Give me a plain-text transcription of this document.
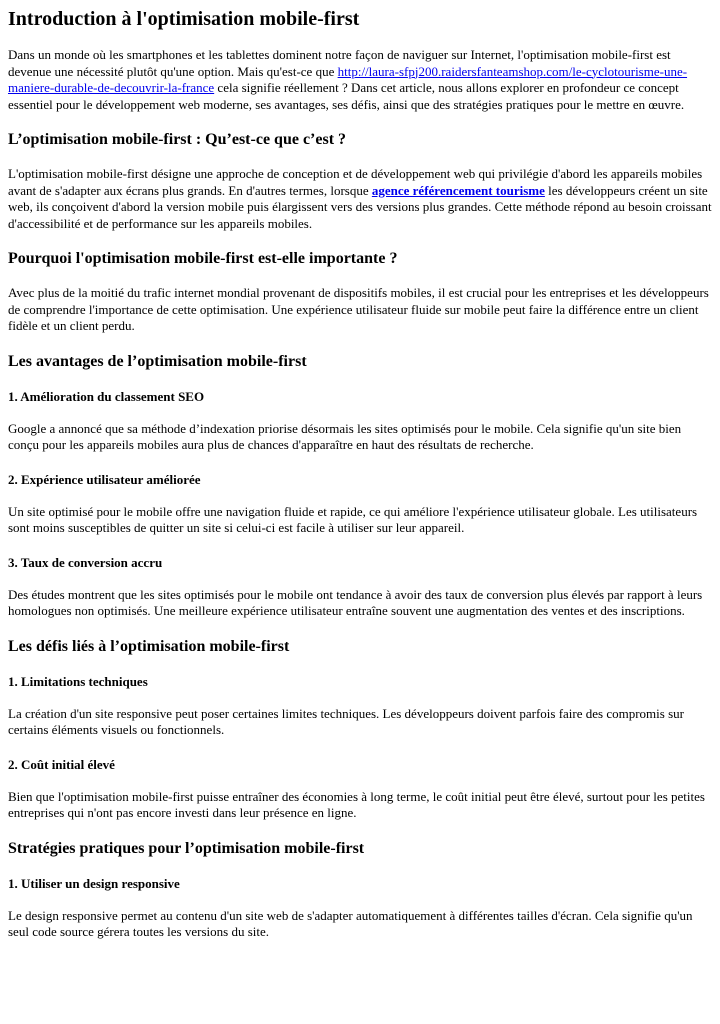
Introduction à l'optimisation mobile-first

Dans un monde où les smartphones et les tablettes dominent notre façon de naviguer sur Internet, l'optimisation mobile-first est devenue une nécessité plutôt qu'une option. Mais qu'est-ce que http://laura-sfpj200.raidersfanteamshop.com/le-cyclotourisme-une-maniere-durable-de-decouvrir-la-france cela signifie réellement ? Dans cet article, nous allons explorer en profondeur ce concept essentiel pour le développement web moderne, ses avantages, ses défis, ainsi que des stratégies pratiques pour le mettre en œuvre.

L’optimisation mobile-first : Qu’est-ce que c’est ?

L'optimisation mobile-first désigne une approche de conception et de développement web qui privilégie d'abord les appareils mobiles avant de s'adapter aux écrans plus grands. En d'autres termes, lorsque agence référencement tourisme les développeurs créent un site web, ils conçoivent d'abord la version mobile puis élargissent vers des versions plus grandes. Cette méthode répond au besoin croissant d'accessibilité et de performance sur les appareils mobiles.

Pourquoi l'optimisation mobile-first est-elle importante ?

Avec plus de la moitié du trafic internet mondial provenant de dispositifs mobiles, il est crucial pour les entreprises et les développeurs de comprendre l'importance de cette optimisation. Une expérience utilisateur fluide sur mobile peut faire la différence entre un client fidèle et un client perdu.

Les avantages de l’optimisation mobile-first
1. Amélioration du classement SEO

Google a annoncé que sa méthode d’indexation priorise désormais les sites optimisés pour le mobile. Cela signifie qu'un site bien conçu pour les appareils mobiles aura plus de chances d'apparaître en haut des résultats de recherche.

2. Expérience utilisateur améliorée

Un site optimisé pour le mobile offre une navigation fluide et rapide, ce qui améliore l'expérience utilisateur globale. Les utilisateurs sont moins susceptibles de quitter un site si celui-ci est facile à utiliser sur leur appareil.

3. Taux de conversion accru

Des études montrent que les sites optimisés pour le mobile ont tendance à avoir des taux de conversion plus élevés par rapport à leurs homologues non optimisés. Une meilleure expérience utilisateur entraîne souvent une augmentation des ventes et des inscriptions.

Les défis liés à l’optimisation mobile-first
1. Limitations techniques

La création d'un site responsive peut poser certaines limites techniques. Les développeurs doivent parfois faire des compromis sur certains éléments visuels ou fonctionnels.

2. Coût initial élevé

Bien que l'optimisation mobile-first puisse entraîner des économies à long terme, le coût initial peut être élevé, surtout pour les petites entreprises qui n'ont pas encore investi dans leur présence en ligne.

Stratégies pratiques pour l’optimisation mobile-first
1. Utiliser un design responsive

Le design responsive permet au contenu d'un site web de s'adapter automatiquement à différentes tailles d'écran. Cela signifie qu'un seul code source gérera toutes les versions du site.
